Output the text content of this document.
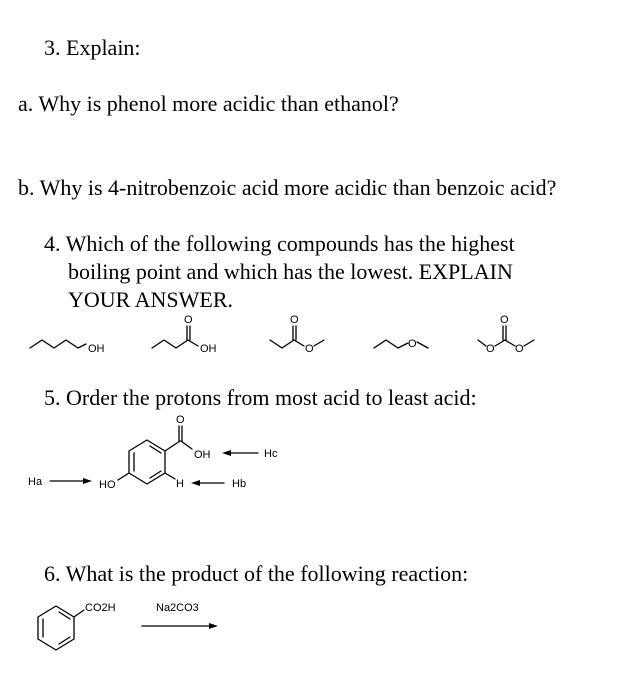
3. Explain:
a. Why is phenol more acidic than ethanol?
b. Why is 4-nitrobenzoic acid more acidic than benzoic acid?
4. Which of the following compounds has the highest
boiling point and which has the lowest. EXPLAIN
YOUR ANSWER.
OH
O
OH
O
O	O	O
O
O
O
OH	Hc
HO
Ha	H	Hb
CO2H	Na2CO3
5. Order the protons from most acid to least acid:
6. What is the product of the following reaction:
